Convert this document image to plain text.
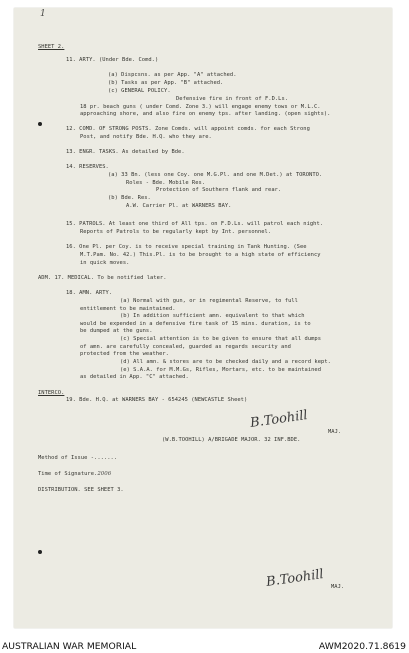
1
SHEET 2.
11. ARTY. (Under Bde. Comd.)
(a) Dispcsns. as per App. "A" attached.
(b) Tasks as per App. "B" attached.
(c) GENERAL POLICY.
Defensive fire in front of F.D.Ls.
18 pr. beach guns ( under Comd. Zone 3.) will engage enemy tows or M.L.C.
approaching shore, and also fire on enemy tps. after landing. (open sights).
12. COMD. OF STRONG POSTS. Zone Comds. will appoint comds. for each Strong
Post, and notify Bde. H.Q. who they are.
13. ENGR. TASKS. As detailed by Bde.
14. RESERVES.
(a) 33 Bn. (less one Coy. one M.G.Pl. and one M.Det.) at TORONTO.
Roles - Bde. Mobile Res.
Protection of Southern flank and rear.
(b) Bde. Res.
A.W. Carrier Pl. at WARNERS BAY.
15. PATROLS. At least one third of All tps. on F.D.Ls. will patrol each night.
Reports of Patrols to be regularly kept by Int. personnel.
16. One Pl. per Coy. is to receive special training in Tank Hunting. (See
M.T.Pam. No. 42.) This.Pl. is to be brought to a high state of efficiency
in quick moves.
ADM. 17. MEDICAL. To be notified later.
18. AMN. ARTY.
(a) Normal with gun, or in regimental Reserve, to full
entitlement to be maintained.
(b) In addition sufficient amn. equivalent to that which
would be expended in a defensive fire task of 15 mins. duration, is to
be dumped at the guns.
(c) Special attention is to be given to ensure that all dumps
of amn. are carefully concealed, guarded as regards security and
protected from the weather.
(d) All amn. & stores are to be checked daily and a record kept.
(e) S.A.A. for M.M.Gs, Rifles, Mortars, etc. to be maintained
as detailed in App. "C" attached.
INTERCO.
19. Bde. H.Q. at WARNERS BAY - 654245 (NEWCASTLE Sheet)
B.Toohill
MAJ.
(W.B.TOOHILL) A/BRIGADE MAJOR. 32 INF.BDE.
Method of Issue -.......
Time of Signature.2006
DISTRIBUTION. SEE SHEET 3.
B.Toohill MAJ.
AUSTRALIAN WAR MEMORIAL	AWM2020.71.8619
